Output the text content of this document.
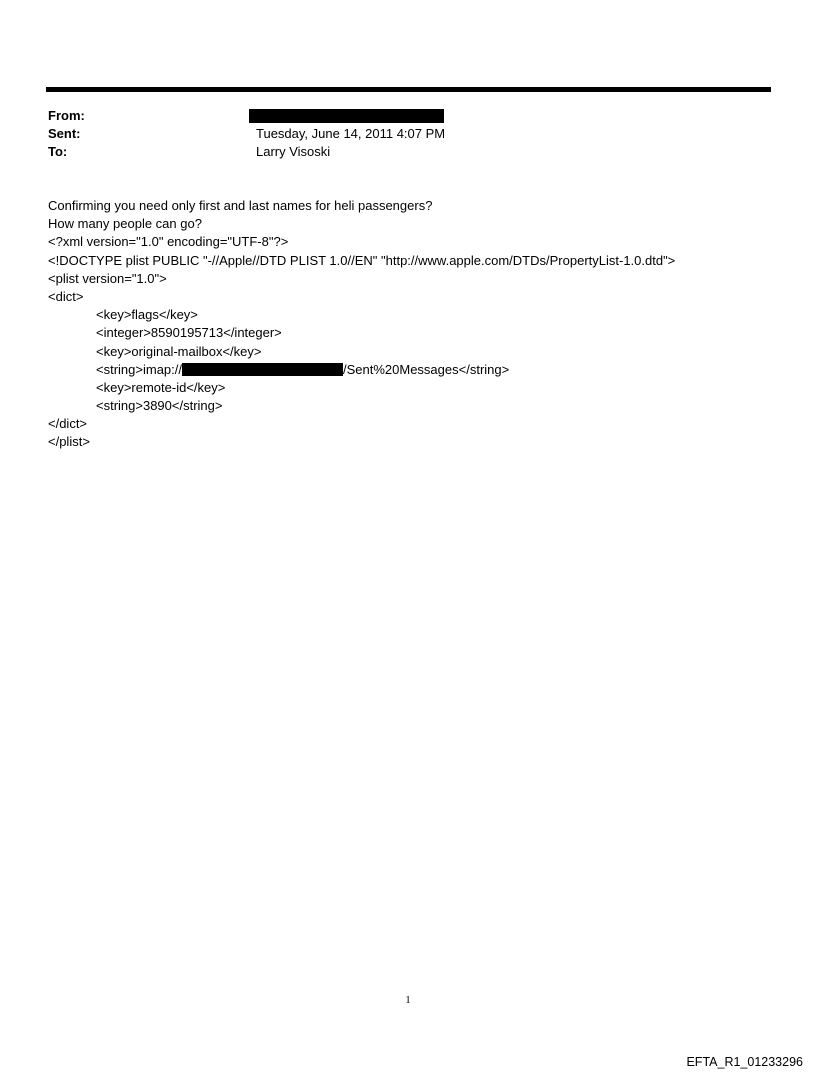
From:
Sent:	Tuesday, June 14, 2011 4:07 PM
To:	Larry Visoski
Confirming you need only first and last names for heli passengers?
How many people can go?
<?xml version="1.0" encoding="UTF-8"?>
<!DOCTYPE plist PUBLIC "-//Apple//DTD PLIST 1.0//EN" "http://www.apple.com/DTDs/PropertyList-1.0.dtd">
<plist version="1.0">
<dict>
<key>flags</key>
<integer>8590195713</integer>
<key>original-mailbox</key>
<string>imap://	/Sent%20Messages</string>
<key>remote-id</key>
<string>3890</string>
</dict>
</plist>
1
EFTA_R1_01233296
